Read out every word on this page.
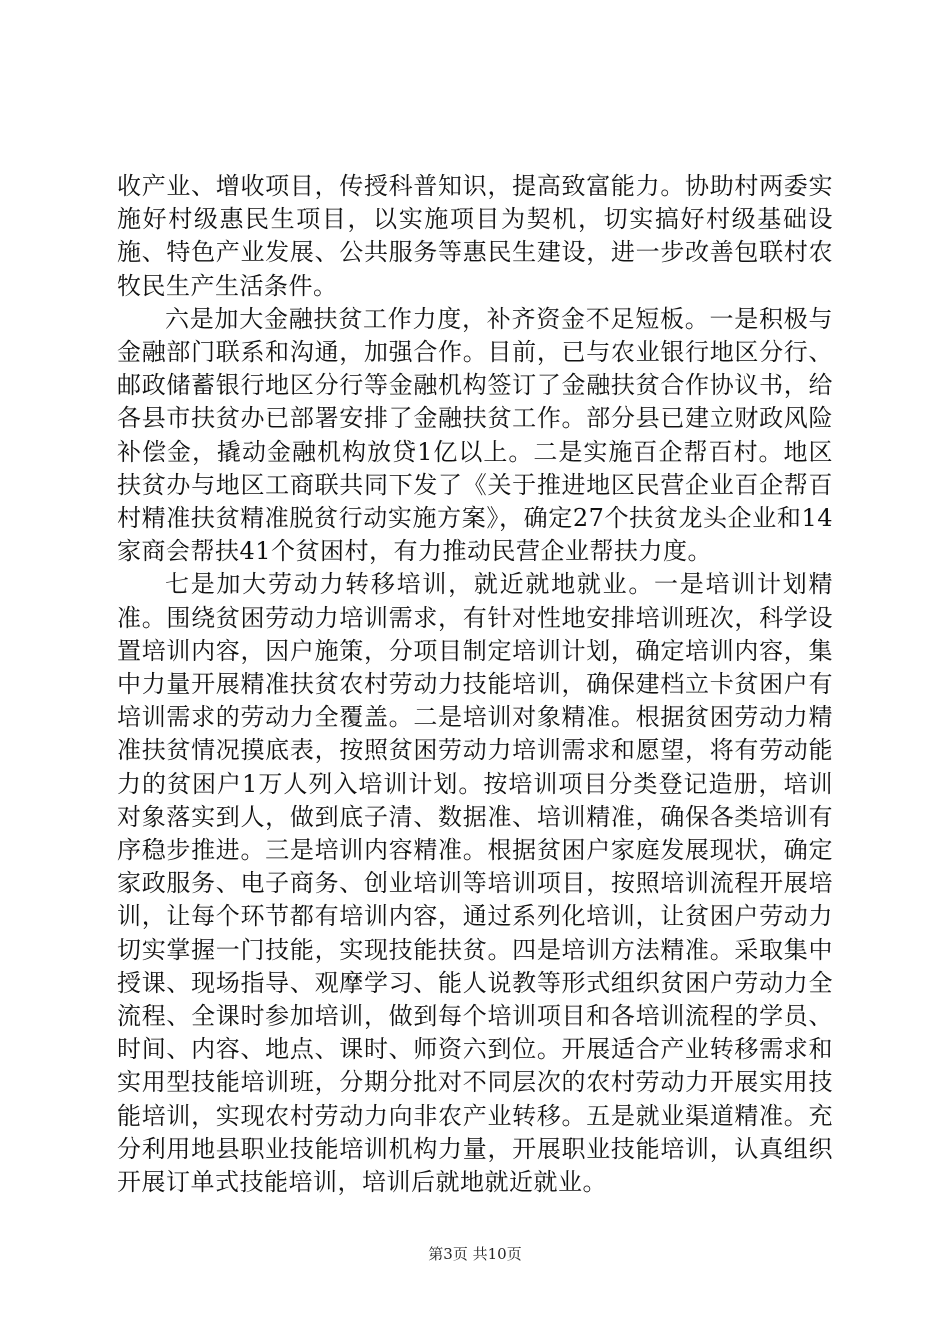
收产业、增收项目，传授科普知识，提高致富能力。协助村两委实施好村级惠民生项目，以实施项目为契机，切实搞好村级基础设施、特色产业发展、公共服务等惠民生建设，进一步改善包联村农牧民生产生活条件。

六是加大金融扶贫工作力度，补齐资金不足短板。一是积极与金融部门联系和沟通，加强合作。目前，已与农业银行地区分行、邮政储蓄银行地区分行等金融机构签订了金融扶贫合作协议书，给各县市扶贫办已部署安排了金融扶贫工作。部分县已建立财政风险补偿金，撬动金融机构放贷1亿以上。二是实施百企帮百村。地区扶贫办与地区工商联共同下发了《关于推进地区民营企业百企帮百村精准扶贫精准脱贫行动实施方案》，确定27个扶贫龙头企业和14家商会帮扶41个贫困村，有力推动民营企业帮扶力度。

七是加大劳动力转移培训，就近就地就业。一是培训计划精准。围绕贫困劳动力培训需求，有针对性地安排培训班次，科学设置培训内容，因户施策，分项目制定培训计划，确定培训内容，集中力量开展精准扶贫农村劳动力技能培训，确保建档立卡贫困户有培训需求的劳动力全覆盖。二是培训对象精准。根据贫困劳动力精准扶贫情况摸底表，按照贫困劳动力培训需求和愿望，将有劳动能力的贫困户1万人列入培训计划。按培训项目分类登记造册，培训对象落实到人，做到底子清、数据准、培训精准，确保各类培训有序稳步推进。三是培训内容精准。根据贫困户家庭发展现状，确定家政服务、电子商务、创业培训等培训项目，按照培训流程开展培训，让每个环节都有培训内容，通过系列化培训，让贫困户劳动力切实掌握一门技能，实现技能扶贫。四是培训方法精准。采取集中授课、现场指导、观摩学习、能人说教等形式组织贫困户劳动力全流程、全课时参加培训，做到每个培训项目和各培训流程的学员、时间、内容、地点、课时、师资六到位。开展适合产业转移需求和实用型技能培训班，分期分批对不同层次的农村劳动力开展实用技能培训，实现农村劳动力向非农产业转移。五是就业渠道精准。充分利用地县职业技能培训机构力量，开展职业技能培训，认真组织开展订单式技能培训，培训后就地就近就业。

第3页 共10页
